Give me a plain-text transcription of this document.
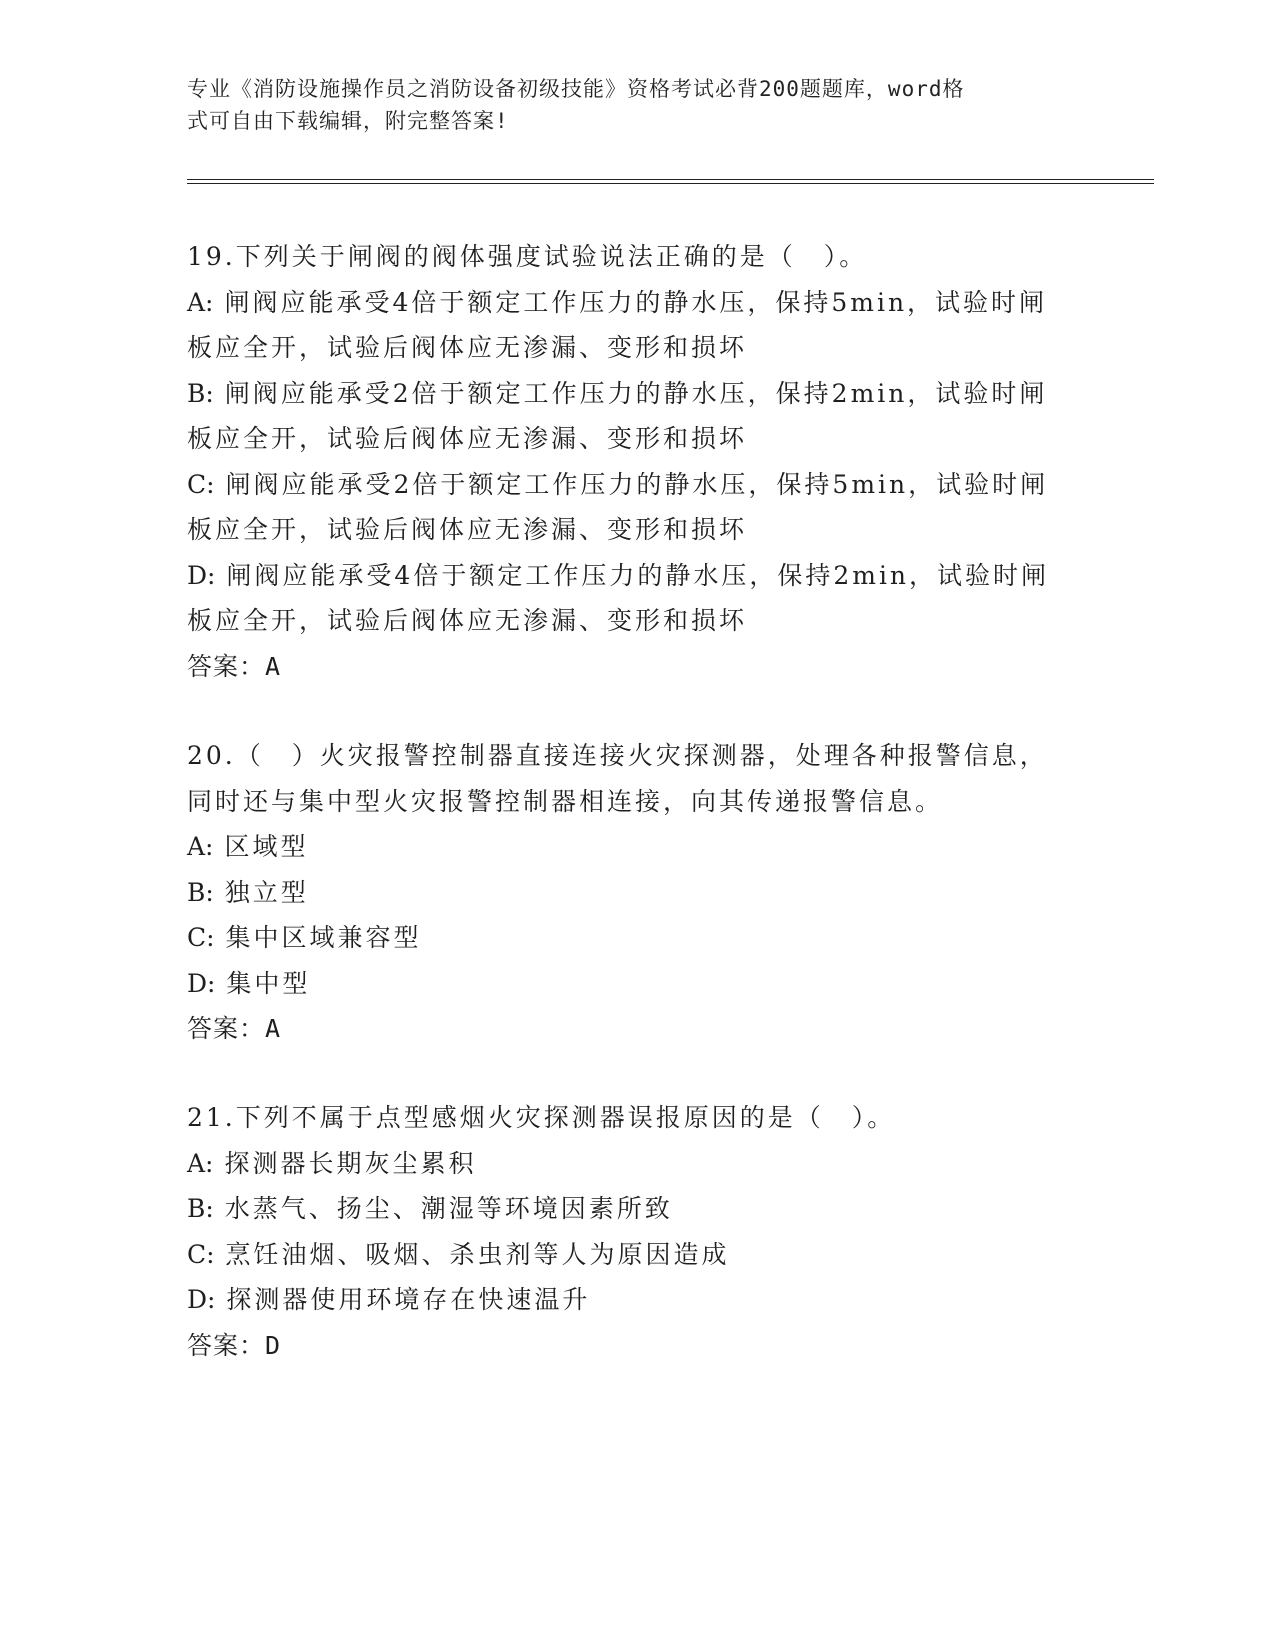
专业《消防设施操作员之消防设备初级技能》资格考试必背200题题库，word格
式可自由下载编辑，附完整答案!
19.下列关于闸阀的阀体强度试验说法正确的是（　）。
A: 闸阀应能承受4倍于额定工作压力的静水压，保持5min，试验时闸
板应全开，试验后阀体应无渗漏、变形和损坏
B: 闸阀应能承受2倍于额定工作压力的静水压，保持2min，试验时闸
板应全开，试验后阀体应无渗漏、变形和损坏
C: 闸阀应能承受2倍于额定工作压力的静水压，保持5min，试验时闸
板应全开，试验后阀体应无渗漏、变形和损坏
D: 闸阀应能承受4倍于额定工作压力的静水压，保持2min，试验时闸
板应全开，试验后阀体应无渗漏、变形和损坏
答案：A
20.（　）火灾报警控制器直接连接火灾探测器，处理各种报警信息，
同时还与集中型火灾报警控制器相连接，向其传递报警信息。
A: 区域型
B: 独立型
C: 集中区域兼容型
D: 集中型
答案：A
21.下列不属于点型感烟火灾探测器误报原因的是（　）。
A: 探测器长期灰尘累积
B: 水蒸气、扬尘、潮湿等环境因素所致
C: 烹饪油烟、吸烟、杀虫剂等人为原因造成
D: 探测器使用环境存在快速温升
答案：D
